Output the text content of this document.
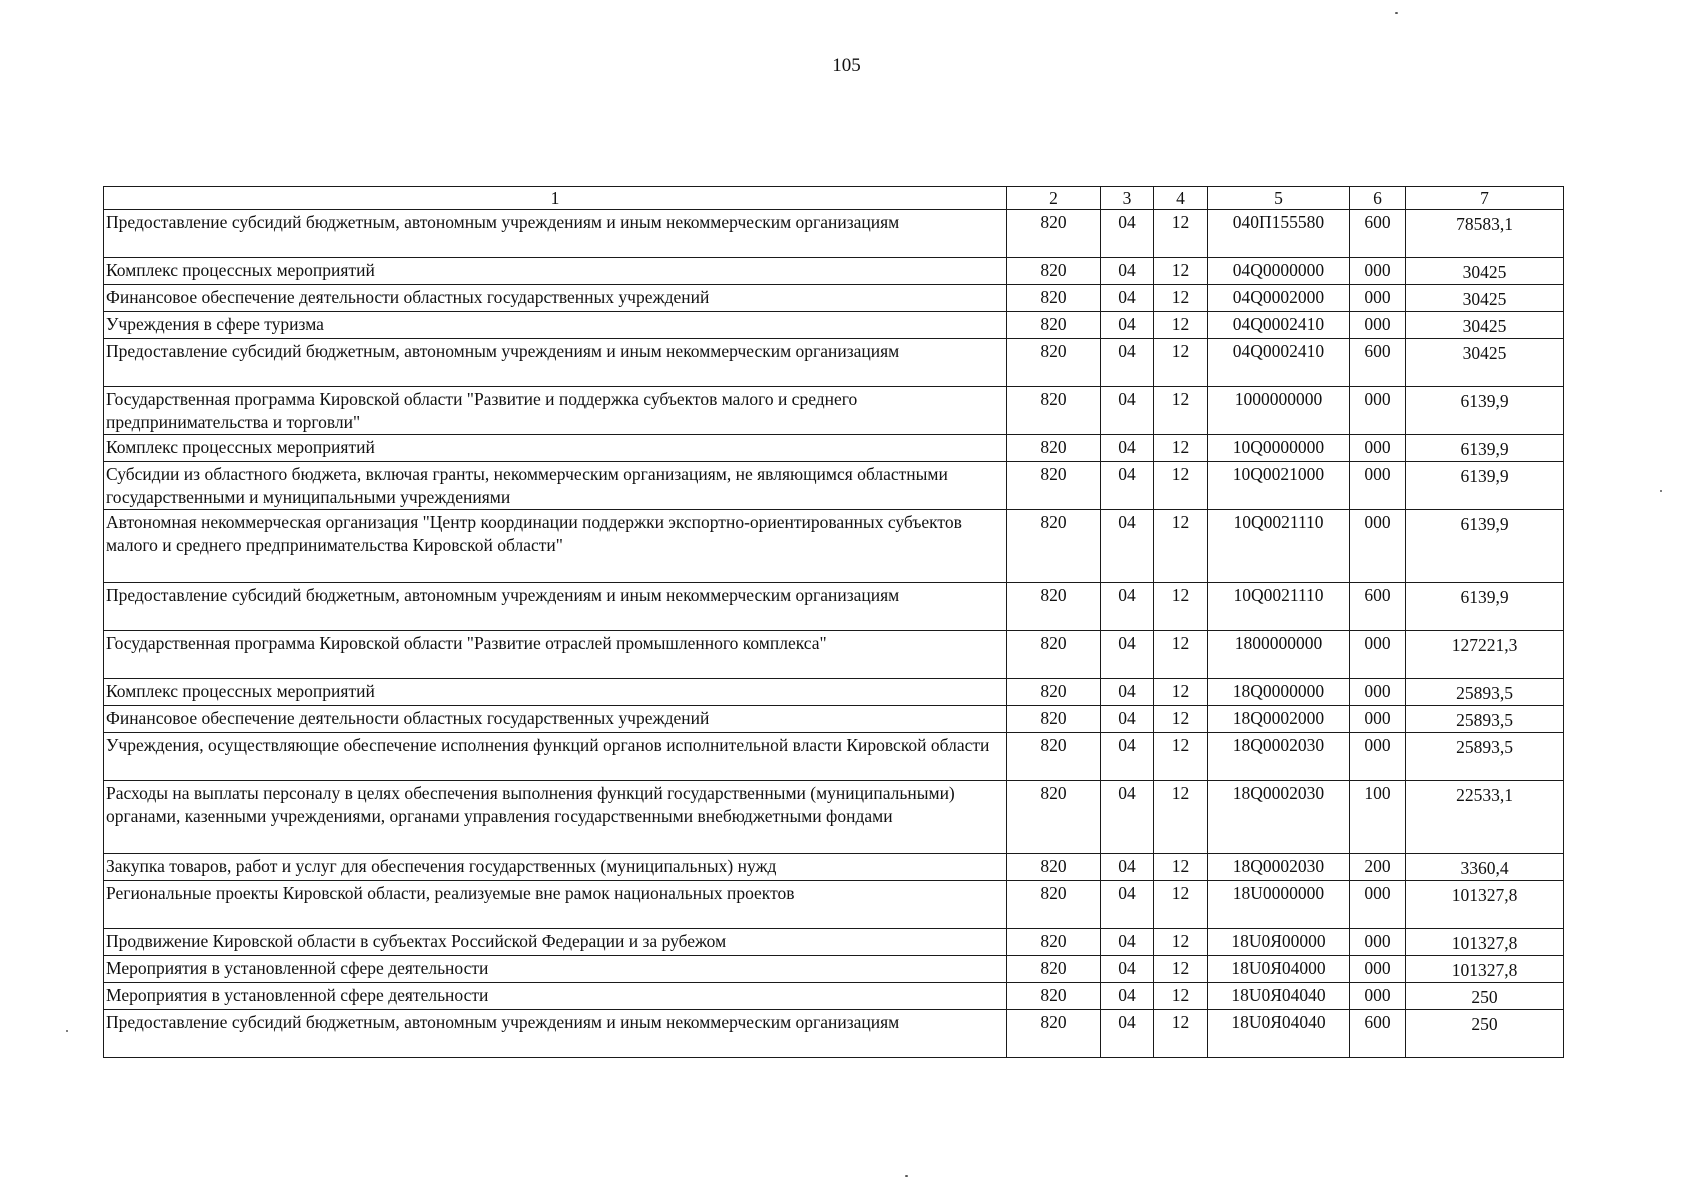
105
1	2	3	4	5	6	7
Предоставление субсидий бюджетным, автономным учреждениям и иным некоммерческим организациям	820	04	12	040П155580	600	78583,1
Комплекс процессных мероприятий	820	04	12	04Q0000000	000	30425
Финансовое обеспечение деятельности областных государственных учреждений	820	04	12	04Q0002000	000	30425
Учреждения в сфере туризма	820	04	12	04Q0002410	000	30425
Предоставление субсидий бюджетным, автономным учреждениям и иным некоммерческим организациям	820	04	12	04Q0002410	600	30425
Государственная программа Кировской области "Развитие и поддержка субъектов малого и среднего предпринимательства и торговли"	820	04	12	1000000000	000	6139,9
Комплекс процессных мероприятий	820	04	12	10Q0000000	000	6139,9
Субсидии из областного бюджета, включая гранты, некоммерческим организациям, не являющимся областными государственными и муниципальными учреждениями	820	04	12	10Q0021000	000	6139,9
Автономная некоммерческая организация "Центр координации поддержки экспортно-ориентированных субъектов малого и среднего предпринимательства Кировской области"	820	04	12	10Q0021110	000	6139,9
Предоставление субсидий бюджетным, автономным учреждениям и иным некоммерческим организациям	820	04	12	10Q0021110	600	6139,9
Государственная программа Кировской области "Развитие отраслей промышленного комплекса"	820	04	12	1800000000	000	127221,3
Комплекс процессных мероприятий	820	04	12	18Q0000000	000	25893,5
Финансовое обеспечение деятельности областных государственных учреждений	820	04	12	18Q0002000	000	25893,5
Учреждения, осуществляющие обеспечение исполнения функций органов исполнительной власти Кировской области	820	04	12	18Q0002030	000	25893,5
Расходы на выплаты персоналу в целях обеспечения выполнения функций государственными (муниципальными) органами, казенными учреждениями, органами управления государственными внебюджетными фондами	820	04	12	18Q0002030	100	22533,1
Закупка товаров, работ и услуг для обеспечения государственных (муниципальных) нужд	820	04	12	18Q0002030	200	3360,4
Региональные проекты Кировской области, реализуемые вне рамок национальных проектов	820	04	12	18U0000000	000	101327,8
Продвижение Кировской области в субъектах Российской Федерации и за рубежом	820	04	12	18U0Я00000	000	101327,8
Мероприятия в установленной сфере деятельности	820	04	12	18U0Я04000	000	101327,8
Мероприятия в установленной сфере деятельности	820	04	12	18U0Я04040	000	250
Предоставление субсидий бюджетным, автономным учреждениям и иным некоммерческим организациям	820	04	12	18U0Я04040	600	250
